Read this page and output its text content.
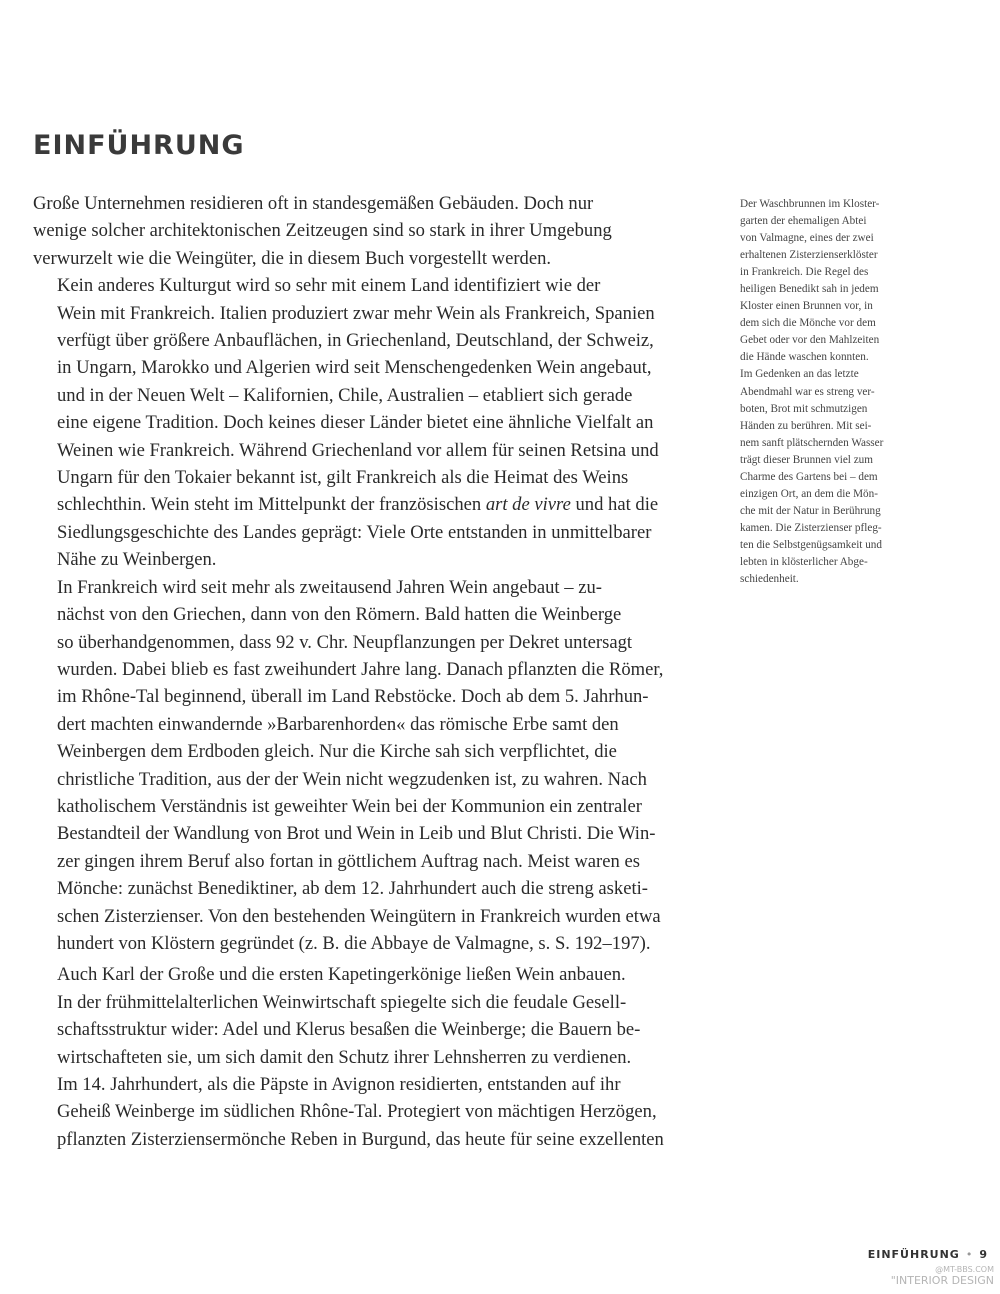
EINFÜHRUNG

Große Unternehmen residieren oft in standesgemäßen Gebäuden. Doch nur
wenige solcher architektonischen Zeitzeugen sind so stark in ihrer Umgebung
verwurzelt wie die Weingüter, die in diesem Buch vorgestellt werden.

Kein anderes Kulturgut wird so sehr mit einem Land identifiziert wie der
Wein mit Frankreich. Italien produziert zwar mehr Wein als Frankreich, Spanien
verfügt über größere Anbauflächen, in Griechenland, Deutschland, der Schweiz,
in Ungarn, Marokko und Algerien wird seit Menschengedenken Wein angebaut,
und in der Neuen Welt – Kalifornien, Chile, Australien – etabliert sich gerade
eine eigene Tradition. Doch keines dieser Länder bietet eine ähnliche Vielfalt an
Weinen wie Frankreich. Während Griechenland vor allem für seinen Retsina und
Ungarn für den Tokaier bekannt ist, gilt Frankreich als die Heimat des Weins
schlechthin. Wein steht im Mittelpunkt der französischen art de vivre und hat die
Siedlungsgeschichte des Landes geprägt: Viele Orte entstanden in unmittelbarer
Nähe zu Weinbergen.

In Frankreich wird seit mehr als zweitausend Jahren Wein angebaut – zu-
nächst von den Griechen, dann von den Römern. Bald hatten die Weinberge
so überhandgenommen, dass 92 v. Chr. Neupflanzungen per Dekret untersagt
wurden. Dabei blieb es fast zweihundert Jahre lang. Danach pflanzten die Römer,
im Rhône-Tal beginnend, überall im Land Rebstöcke. Doch ab dem 5. Jahrhun-
dert machten einwandernde »Barbarenhorden« das römische Erbe samt den
Weinbergen dem Erdboden gleich. Nur die Kirche sah sich verpflichtet, die
christliche Tradition, aus der der Wein nicht wegzudenken ist, zu wahren. Nach
katholischem Verständnis ist geweihter Wein bei der Kommunion ein zentraler
Bestandteil der Wandlung von Brot und Wein in Leib und Blut Christi. Die Win-
zer gingen ihrem Beruf also fortan in göttlichem Auftrag nach. Meist waren es
Mönche: zunächst Benediktiner, ab dem 12. Jahrhundert auch die streng asketi-
schen Zisterzienser. Von den bestehenden Weingütern in Frankreich wurden etwa
hundert von Klöstern gegründet (z. B. die Abbaye de Valmagne, s. S. 192–197).

Auch Karl der Große und die ersten Kapetingerkönige ließen Wein anbauen.
In der frühmittelalterlichen Weinwirtschaft spiegelte sich die feudale Gesell-
schaftsstruktur wider: Adel und Klerus besaßen die Weinberge; die Bauern be-
wirtschafteten sie, um sich damit den Schutz ihrer Lehnsherren zu verdienen.
Im 14. Jahrhundert, als die Päpste in Avignon residierten, entstanden auf ihr
Geheiß Weinberge im südlichen Rhône-Tal. Protegiert von mächtigen Herzögen,
pflanzten Zisterziensermönche Reben in Burgund, das heute für seine exzellenten

Der Waschbrunnen im Kloster-
garten der ehemaligen Abtei
von Valmagne, eines der zwei
erhaltenen Zisterzienserklöster
in Frankreich. Die Regel des
heiligen Benedikt sah in jedem
Kloster einen Brunnen vor, in
dem sich die Mönche vor dem
Gebet oder vor den Mahlzeiten
die Hände waschen konnten.
Im Gedenken an das letzte
Abendmahl war es streng ver-
boten, Brot mit schmutzigen
Händen zu berühren. Mit sei-
nem sanft plätschernden Wasser
trägt dieser Brunnen viel zum
Charme des Gartens bei – dem
einzigen Ort, an dem die Mön-
che mit der Natur in Berührung
kamen. Die Zisterzienser pfleg-
ten die Selbstgenügsamkeit und
lebten in klösterlicher Abge-
schiedenheit.
EINFÜHRUNG • 9
@MT-BBS.COM
"INTERIOR DESIGN
